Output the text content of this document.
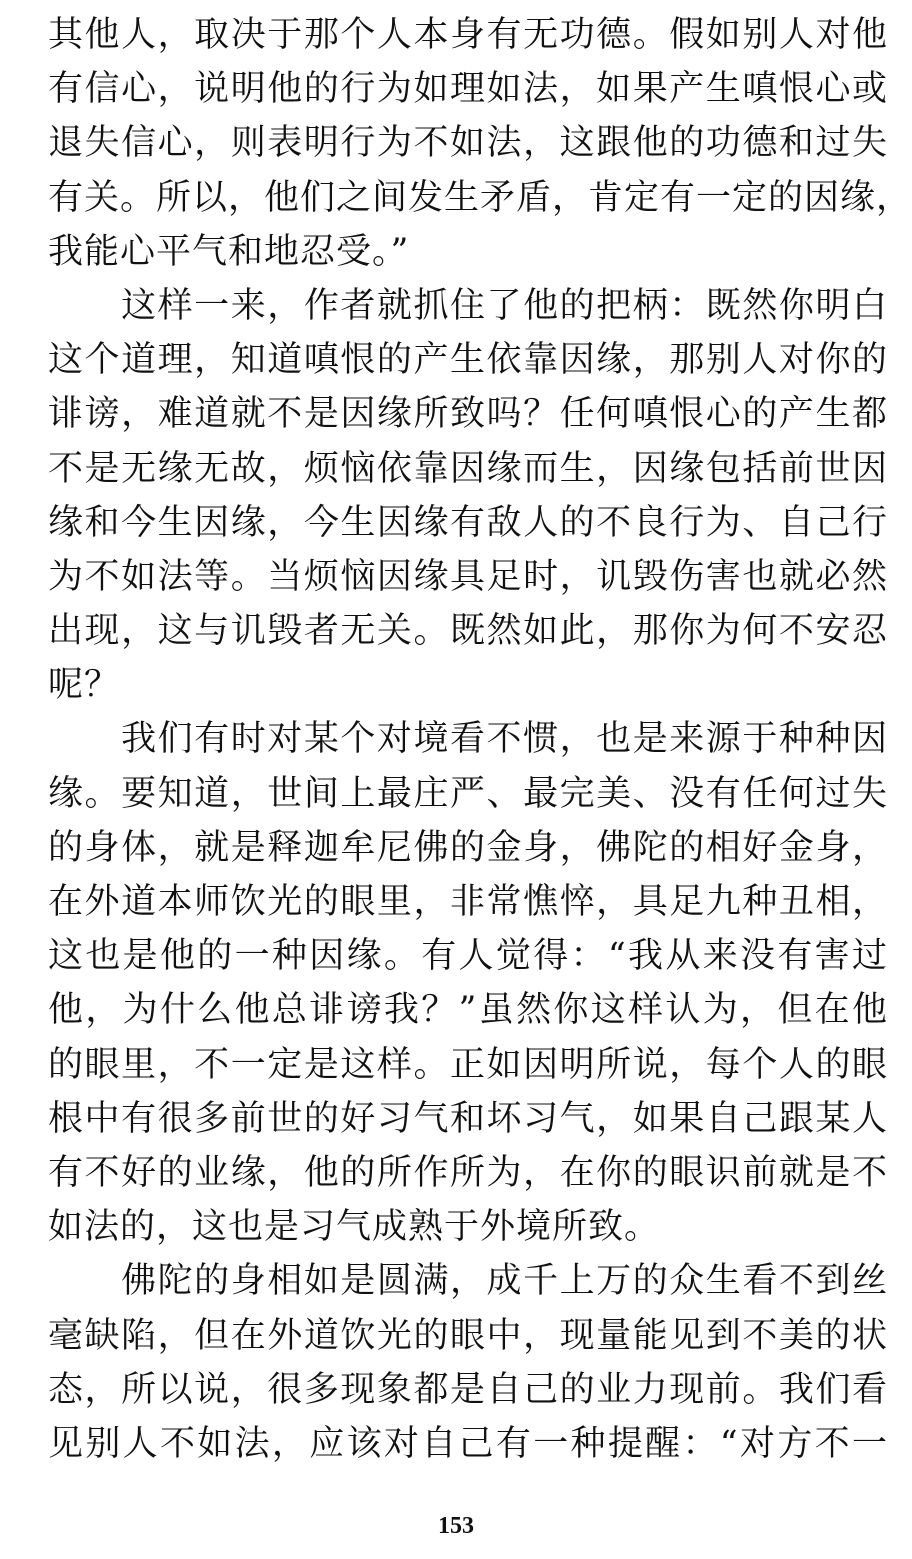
其他人，取决于那个人本身有无功德。假如别人对他
有信心，说明他的行为如理如法，如果产生嗔恨心或
退失信心，则表明行为不如法，这跟他的功德和过失
有关。所以，他们之间发生矛盾，肯定有一定的因缘，
我能心平气和地忍受。”
　　这样一来，作者就抓住了他的把柄：既然你明白
这个道理，知道嗔恨的产生依靠因缘，那别人对你的
诽谤，难道就不是因缘所致吗？任何嗔恨心的产生都
不是无缘无故，烦恼依靠因缘而生，因缘包括前世因
缘和今生因缘，今生因缘有敌人的不良行为、自己行
为不如法等。当烦恼因缘具足时，讥毁伤害也就必然
出现，这与讥毁者无关。既然如此，那你为何不安忍
呢？
　　我们有时对某个对境看不惯，也是来源于种种因
缘。要知道，世间上最庄严、最完美、没有任何过失
的身体，就是释迦牟尼佛的金身，佛陀的相好金身，
在外道本师饮光的眼里，非常憔悴，具足九种丑相，
这也是他的一种因缘。有人觉得：“我从来没有害过
他，为什么他总诽谤我？”虽然你这样认为，但在他
的眼里，不一定是这样。正如因明所说，每个人的眼
根中有很多前世的好习气和坏习气，如果自己跟某人
有不好的业缘，他的所作所为，在你的眼识前就是不
如法的，这也是习气成熟于外境所致。
　　佛陀的身相如是圆满，成千上万的众生看不到丝
毫缺陷，但在外道饮光的眼中，现量能见到不美的状
态，所以说，很多现象都是自己的业力现前。我们看
见别人不如法，应该对自己有一种提醒：“对方不一
153
